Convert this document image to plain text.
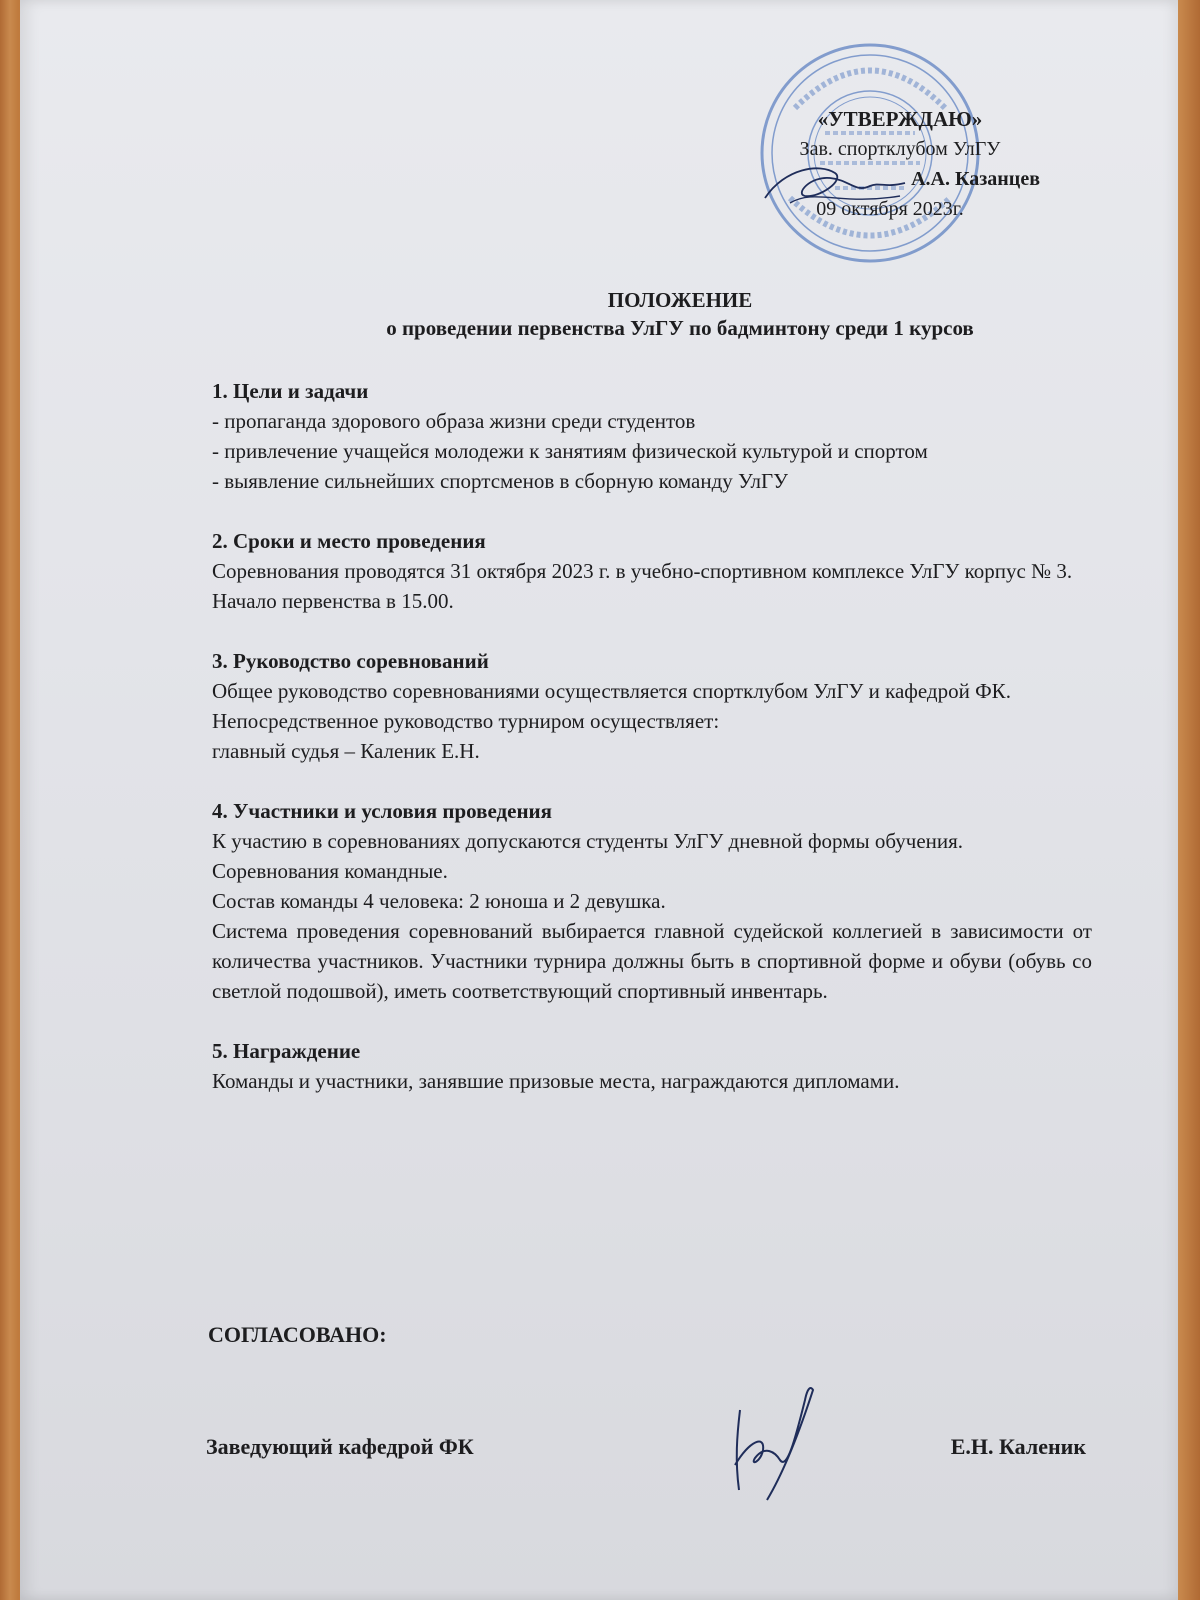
«УТВЕРЖДАЮ»
Зав. спортклубом УлГУ
А.А. Казанцев
09 октября 2023г.
ПОЛОЖЕНИЕ
о проведении первенства УлГУ по бадминтону среди 1 курсов
1. Цели и задачи

- пропаганда здорового образа жизни среди студентов

- привлечение учащейся молодежи к занятиям физической культурой и спортом

- выявление сильнейших спортсменов в сборную команду УлГУ

2. Сроки и место проведения

Соревнования проводятся 31 октября 2023 г. в учебно-спортивном комплексе УлГУ корпус № 3. Начало первенства в 15.00.

3. Руководство соревнований

Общее руководство соревнованиями осуществляется спортклубом УлГУ и кафедрой ФК.

Непосредственное руководство турниром осуществляет:

главный судья – Каленик Е.Н.

4. Участники и условия проведения

К участию в соревнованиях допускаются студенты УлГУ дневной формы обучения.

Соревнования командные.

Состав команды 4 человека: 2 юноша и 2 девушка.

Система проведения соревнований выбирается главной судейской коллегией в зависимости от количества участников. Участники турнира должны быть в спортивной форме и обуви (обувь со светлой подошвой), иметь соответствующий спортивный инвентарь.

5. Награждение

Команды и участники, занявшие призовые места, награждаются дипломами.

СОГЛАСОВАНО:
Заведующий кафедрой ФК	Е.Н. Каленик
